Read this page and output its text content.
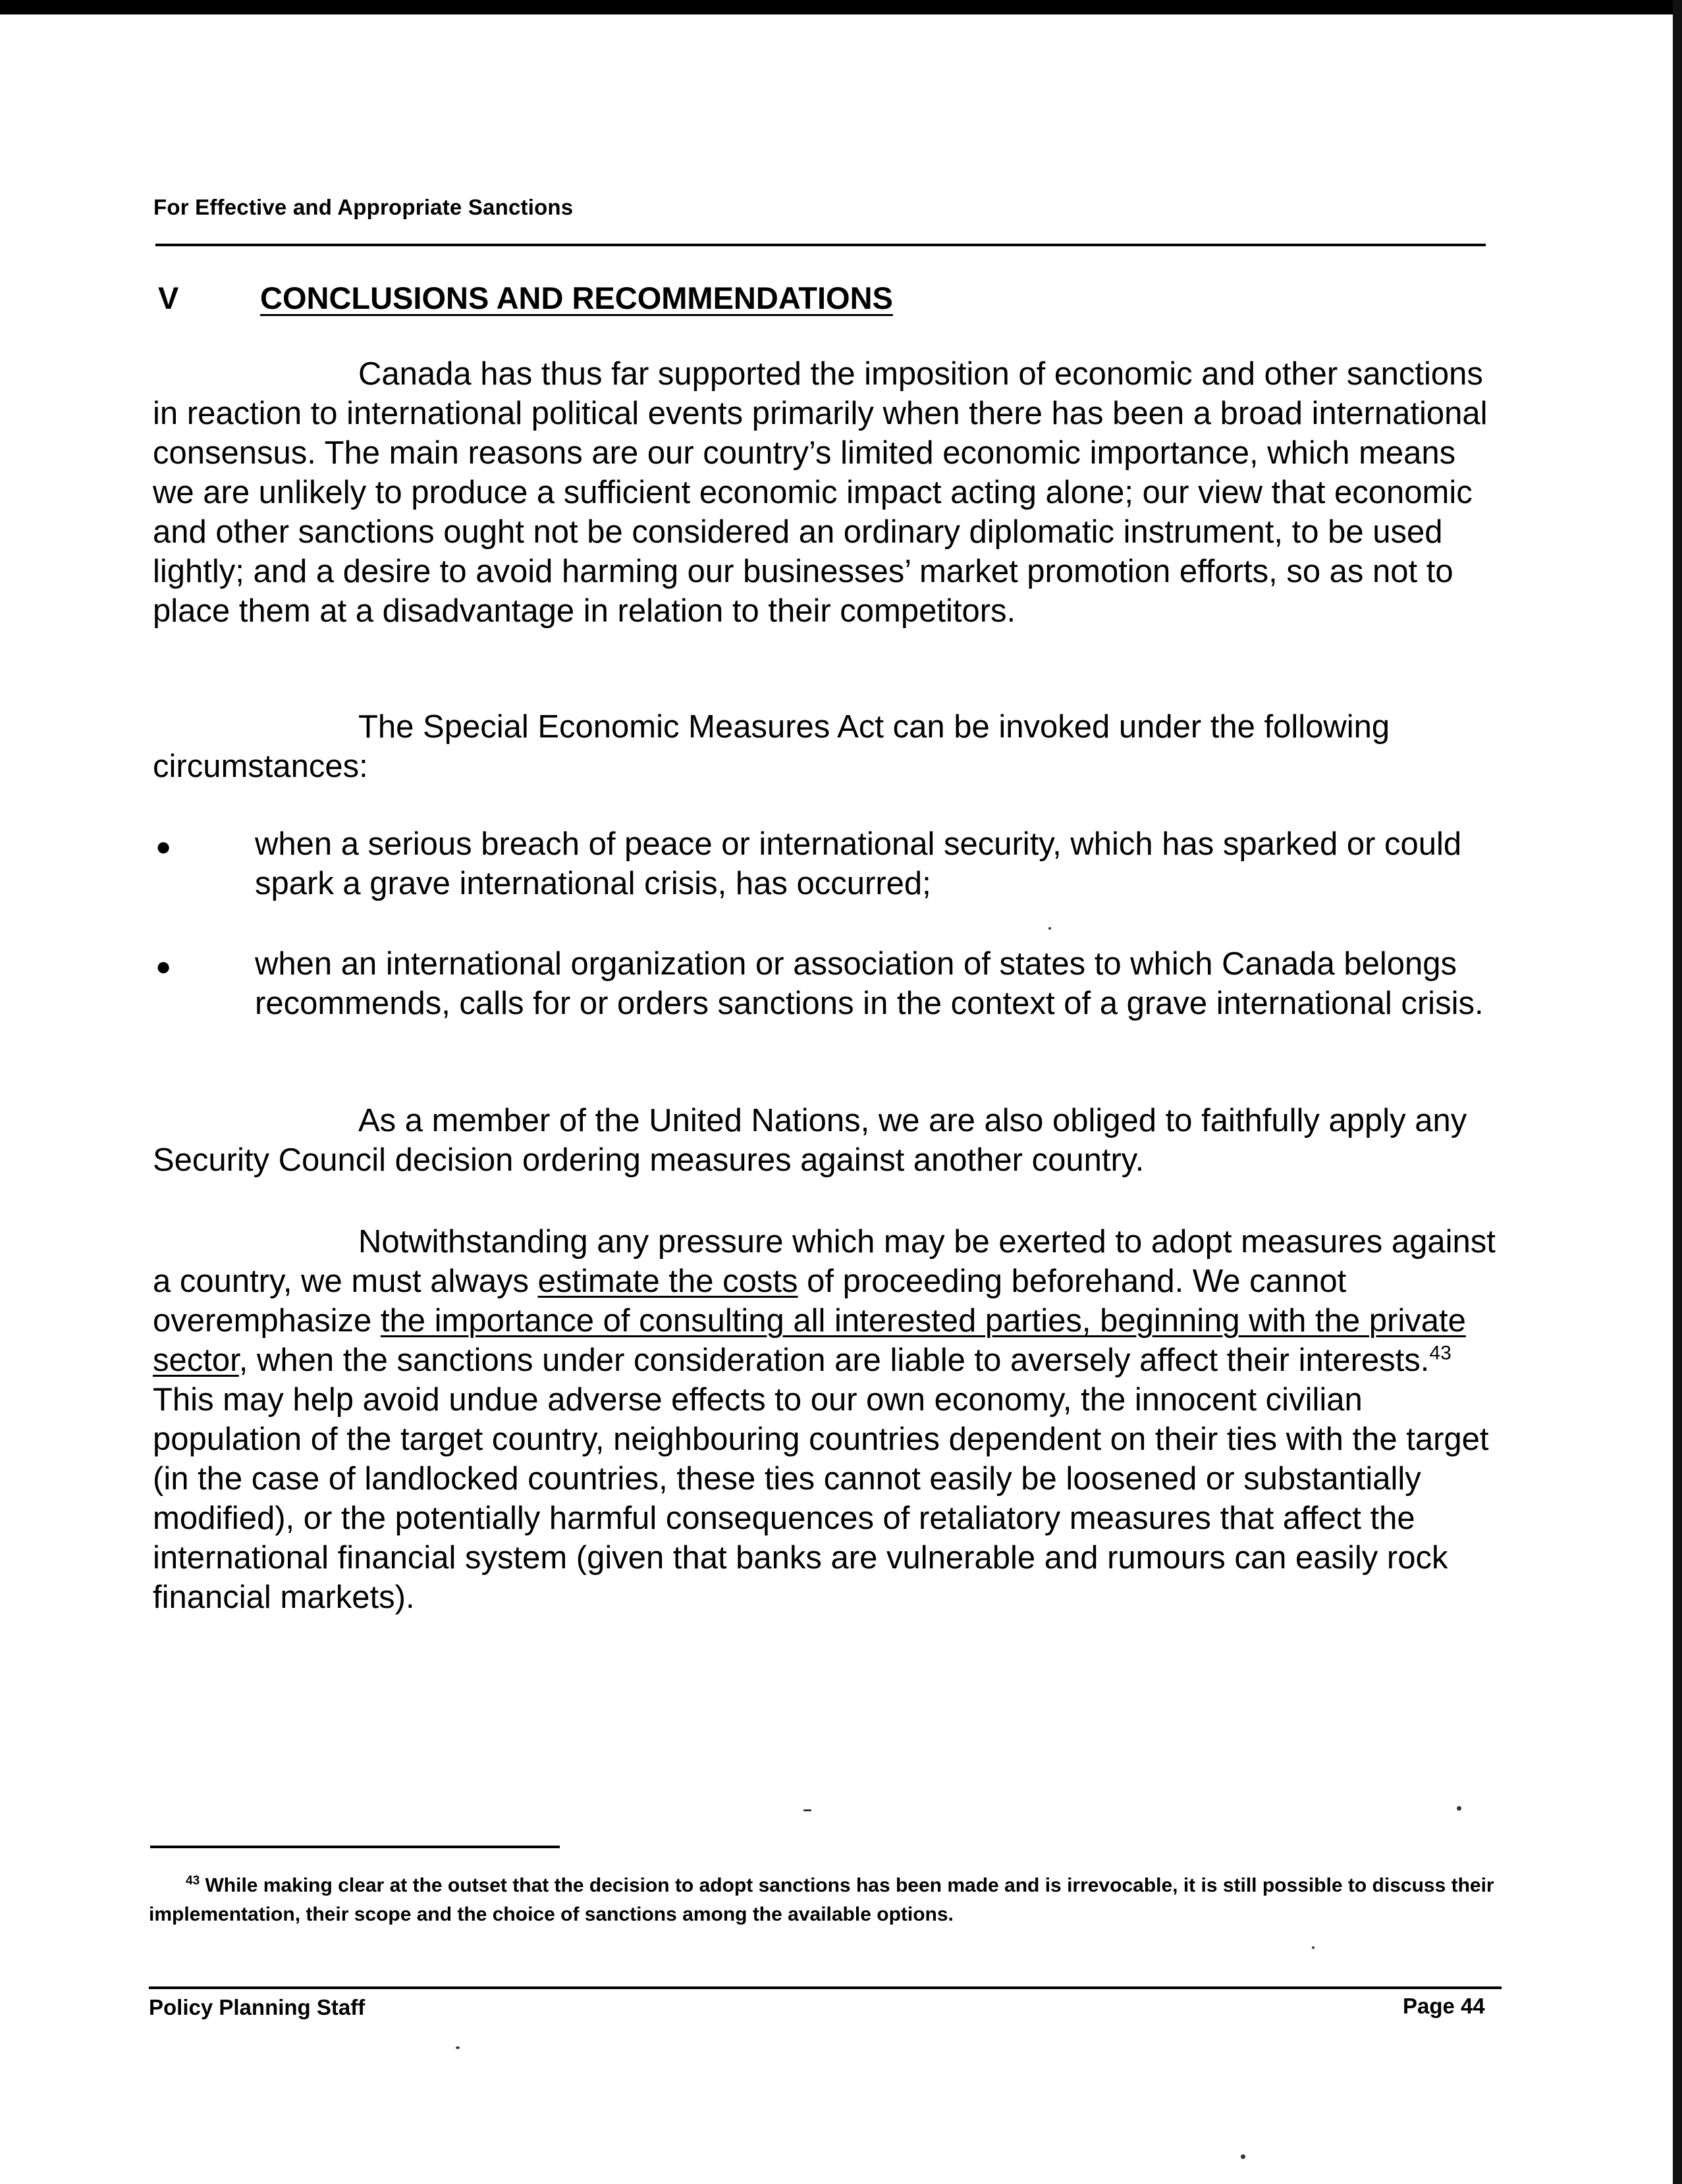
For Effective and Appropriate Sanctions
V	CONCLUSIONS AND RECOMMENDATIONS

Canada has thus far supported the imposition of economic and other sanctions in reaction to international political events primarily when there has been a broad international consensus. The main reasons are our country’s limited economic importance, which means we are unlikely to produce a sufficient economic impact acting alone; our view that economic and other sanctions ought not be considered an ordinary diplomatic instrument, to be used lightly; and a desire to avoid harming our businesses’ market promotion efforts, so as not to place them at a disadvantage in relation to their competitors.

The Special Economic Measures Act can be invoked under the following circumstances:

●	when a serious breach of peace or international security, which has sparked or could spark a grave international crisis, has occurred;

●	when an international organization or association of states to which Canada belongs recommends, calls for or orders sanctions in the context of a grave international crisis.

As a member of the United Nations, we are also obliged to faithfully apply any Security Council decision ordering measures against another country.

Notwithstanding any pressure which may be exerted to adopt measures against a country, we must always estimate the costs of proceeding beforehand. We cannot overemphasize the importance of consulting all interested parties, beginning with the private sector, when the sanctions under consideration are liable to aversely affect their interests.$^{43}$ This may help avoid undue adverse effects to our own economy, the innocent civilian population of the target country, neighbouring countries dependent on their ties with the target (in the case of landlocked countries, these ties cannot easily be loosened or substantially modified), or the potentially harmful consequences of retaliatory measures that affect the international financial system (given that banks are vulnerable and rumours can easily rock financial markets).

$^{43}$ While making clear at the outset that the decision to adopt sanctions has been made and is irrevocable, it is still possible to discuss their implementation, their scope and the choice of sanctions among the available options.

Policy Planning Staff	Page 44
